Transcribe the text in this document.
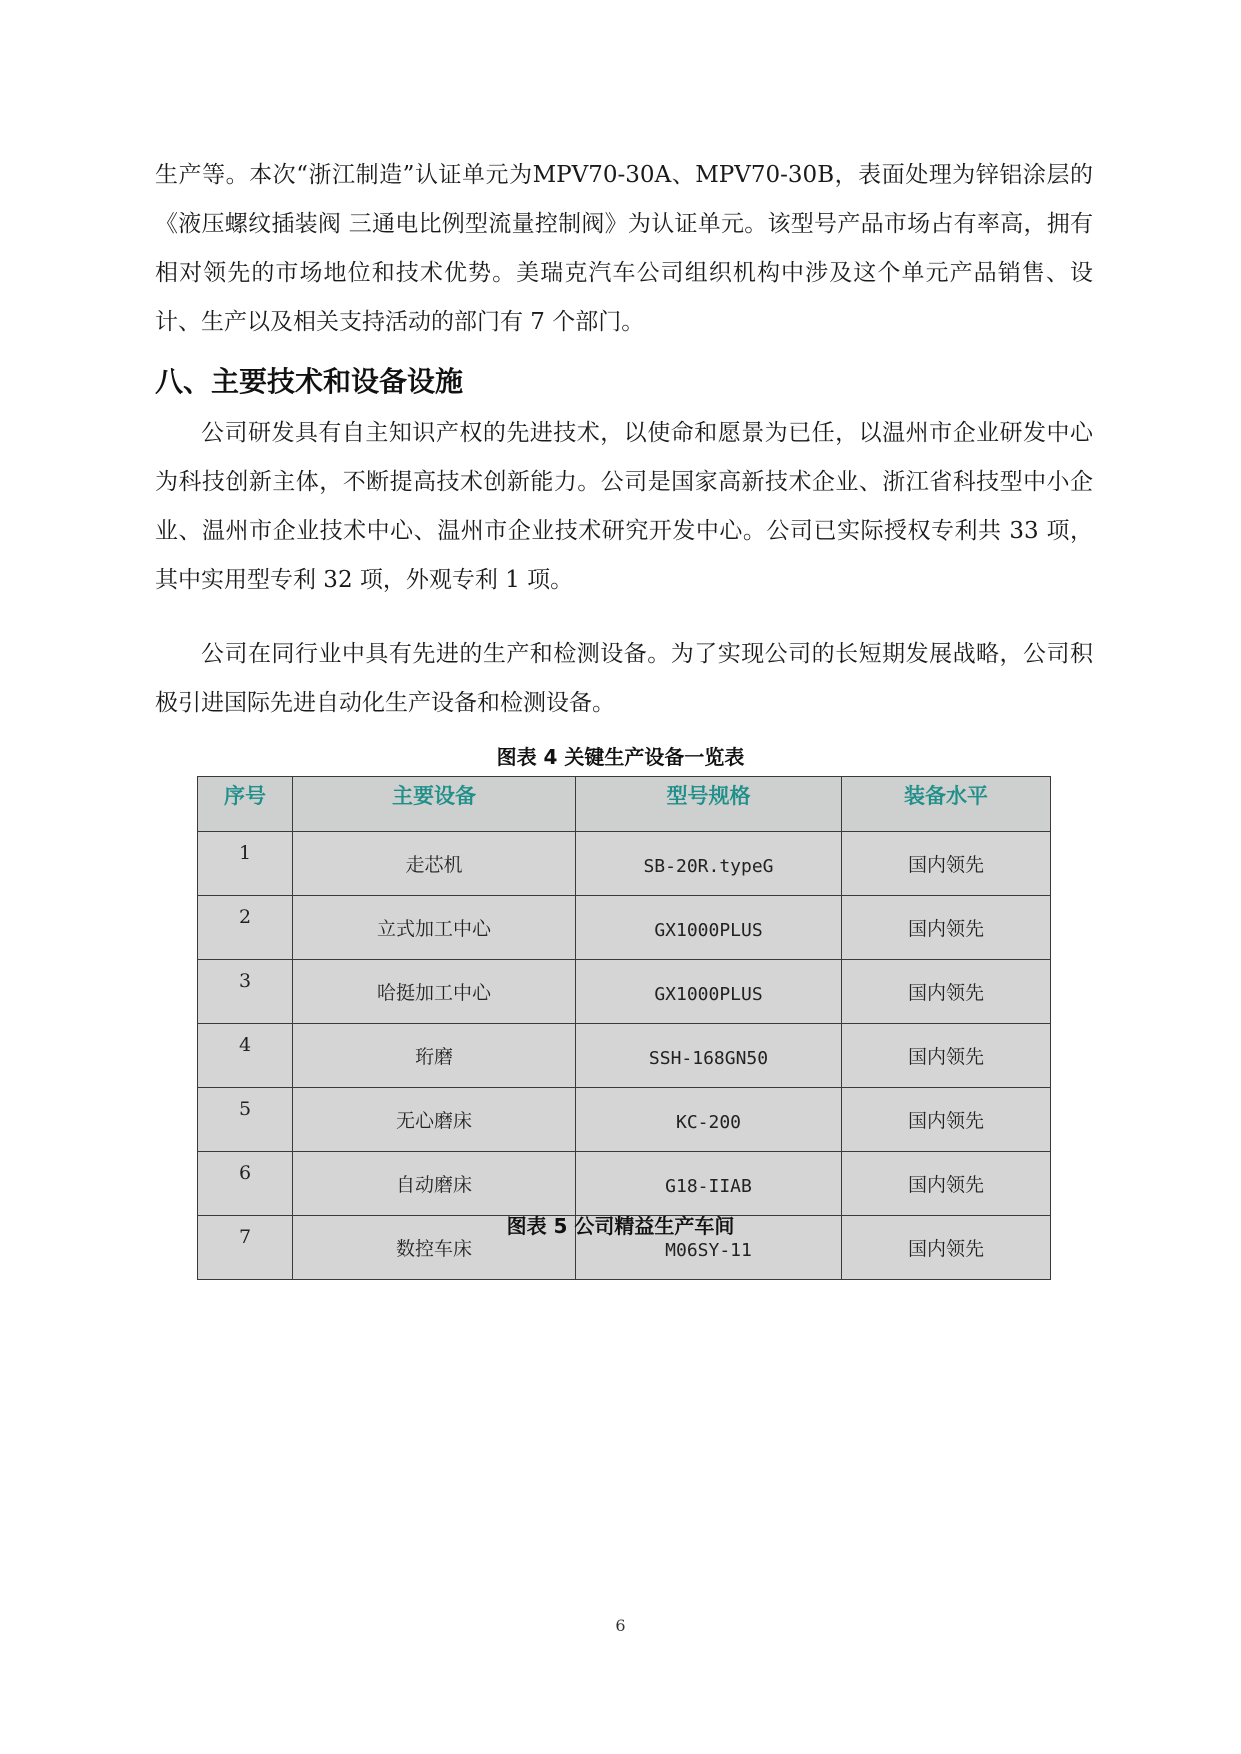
生产等。本次“浙江制造”认证单元为MPV70-30A、MPV70-30B，表面处理为锌铝涂层的《液压螺纹插装阀 三通电比例型流量控制阀》为认证单元。该型号产品市场占有率高，拥有相对领先的市场地位和技术优势。美瑞克汽车公司组织机构中涉及这个单元产品销售、设计、生产以及相关支持活动的部门有 7 个部门。

八、主要技术和设备设施

公司研发具有自主知识产权的先进技术，以使命和愿景为已任，以温州市企业研发中心为科技创新主体，不断提高技术创新能力。公司是国家高新技术企业、浙江省科技型中小企业、温州市企业技术中心、温州市企业技术研究开发中心。公司已实际授权专利共 33 项，其中实用型专利 32 项，外观专利 1 项。

公司在同行业中具有先进的生产和检测设备。为了实现公司的长短期发展战略，公司积极引进国际先进自动化生产设备和检测设备。

图表 4 关键生产设备一览表

序号	主要设备	型号规格	装备水平
1	走芯机	SB-20R.typeG	国内领先
2	立式加工中心	GX1000PLUS	国内领先
3	哈挺加工中心	GX1000PLUS	国内领先
4	珩磨	SSH-168GN50	国内领先
5	无心磨床	KC-200	国内领先
6	自动磨床	G18-IIAB	国内领先
7	数控车床	M06SY-11	国内领先

图表 5 公司精益生产车间

6
